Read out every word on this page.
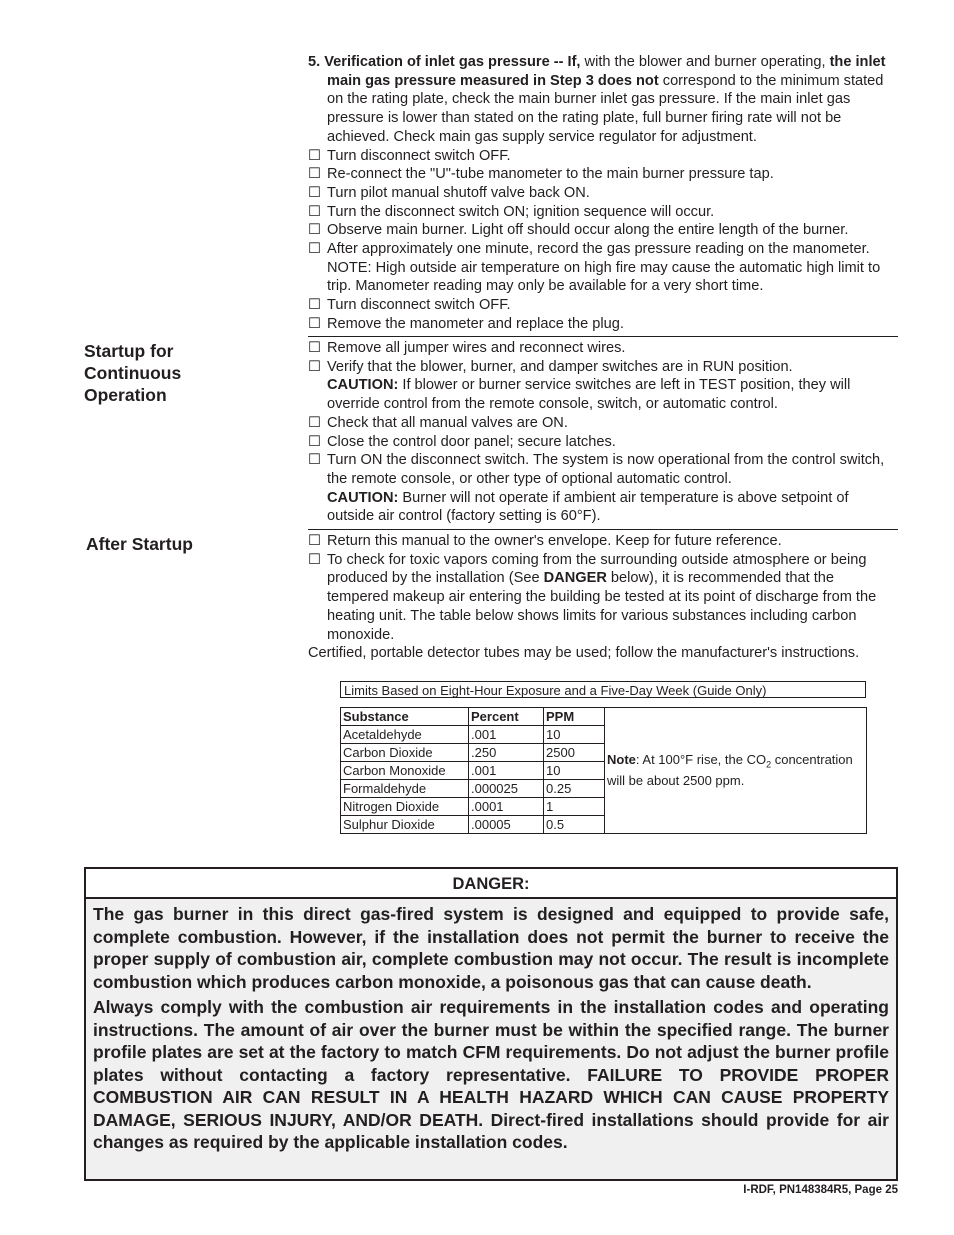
5. Verification of inlet gas pressure -- If, with the blower and burner operating, the inlet main gas pressure measured in Step 3 does not correspond to the minimum stated on the rating plate, check the main burner inlet gas pressure. If the main inlet gas pressure is lower than stated on the rating plate, full burner firing rate will not be achieved. Check main gas supply service regulator for adjustment.

☐ Turn disconnect switch OFF.

☐ Re-connect the "U"-tube manometer to the main burner pressure tap.

☐ Turn pilot manual shutoff valve back ON.

☐ Turn the disconnect switch ON; ignition sequence will occur.

☐ Observe main burner. Light off should occur along the entire length of the burner.

☐ After approximately one minute, record the gas pressure reading on the manometer. NOTE: High outside air temperature on high fire may cause the automatic high limit to trip. Manometer reading may only be available for a very short time.

☐ Turn disconnect switch OFF.

☐ Remove the manometer and replace the plug.

Startup for
Continuous
Operation

☐ Remove all jumper wires and reconnect wires.

☐ Verify that the blower, burner, and damper switches are in RUN position.

CAUTION: If blower or burner service switches are left in TEST position, they will override control from the remote console, switch, or automatic control.

☐ Check that all manual valves are ON.

☐ Close the control door panel; secure latches.

☐ Turn ON the disconnect switch. The system is now operational from the control switch, the remote console, or other type of optional automatic control.

CAUTION: Burner will not operate if ambient air temperature is above setpoint of outside air control (factory setting is 60°F).

After Startup	☐ Return this manual to the owner's envelope. Keep for future reference.

☐ To check for toxic vapors coming from the surrounding outside atmosphere or being produced by the installation (See DANGER below), it is recommended that the tempered makeup air entering the building be tested at its point of discharge from the heating unit. The table below shows limits for various substances including carbon monoxide.

Certified, portable detector tubes may be used; follow the manufacturer's instructions.

Limits Based on Eight-Hour Exposure and a Five-Day Week (Guide Only)
Substance	Percent	PPM	Note: At 100°F rise, the $CO_2$ concentration will be about 2500 ppm.
Acetaldehyde	.001	10	
Carbon Dioxide	.250	2500	
Carbon Monoxide	.001	10	
Formaldehyde	.000025	0.25	
Nitrogen Dioxide	.0001	1	
Sulphur Dioxide	.00005	0.5	
DANGER:

The gas burner in this direct gas-fired system is designed and equipped to provide safe, complete combustion. However, if the installation does not permit the burner to receive the proper supply of combustion air, complete combustion may not occur. The result is incomplete combustion which produces carbon monoxide, a poisonous gas that can cause death.

Always comply with the combustion air requirements in the installation codes and operating instructions. The amount of air over the burner must be within the specified range. The burner profile plates are set at the factory to match CFM requirements. Do not adjust the burner profile plates without contacting a factory representative. FAILURE TO PROVIDE PROPER COMBUSTION AIR CAN RESULT IN A HEALTH HAZARD WHICH CAN CAUSE PROPERTY DAMAGE, SERIOUS INJURY, AND/OR DEATH. Direct-fired installations should provide for air changes as required by the applicable installation codes.

I-RDF, PN148384R5, Page 25
